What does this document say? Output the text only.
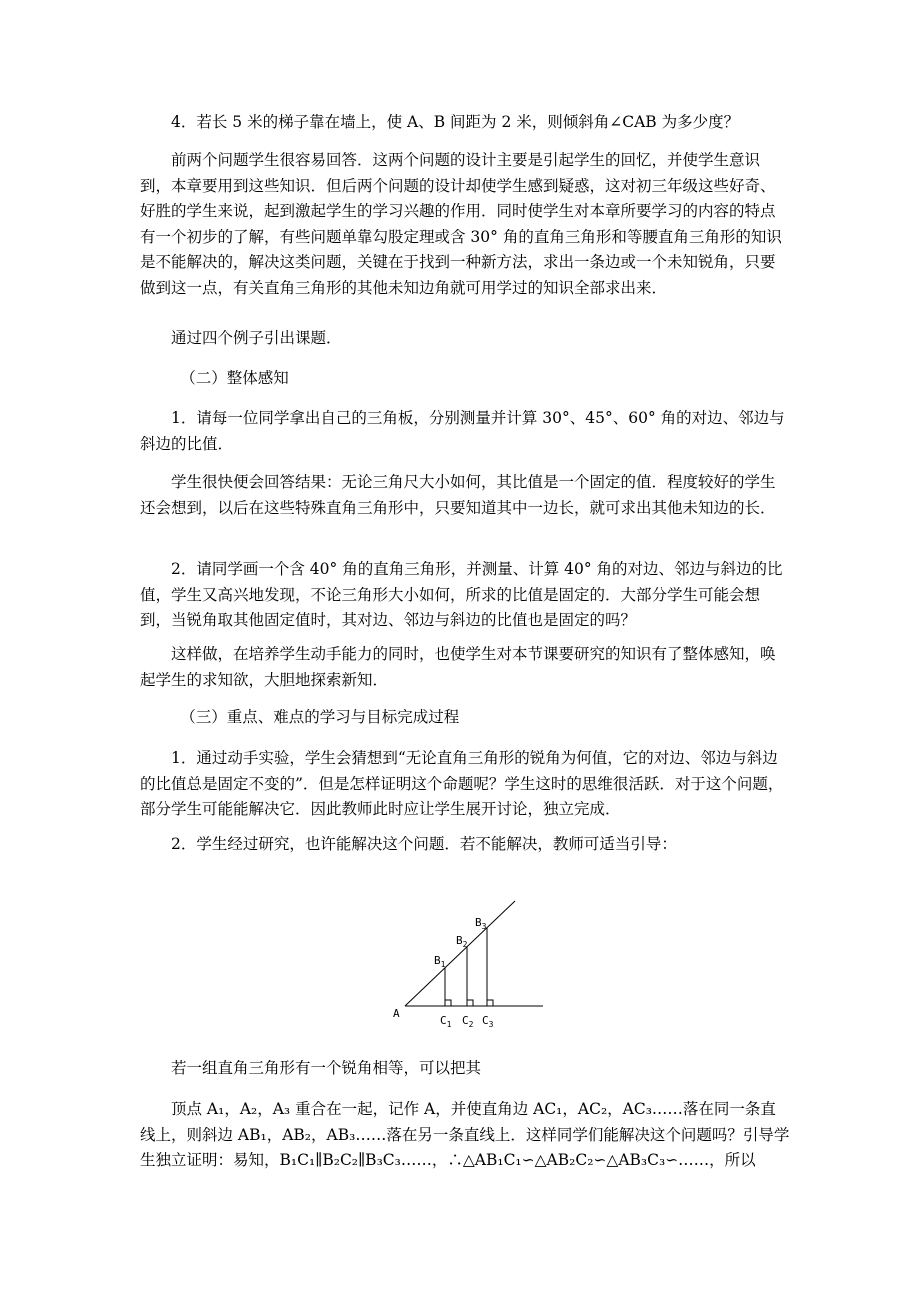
4．若长 5 米的梯子靠在墙上，使 A、B 间距为 2 米，则倾斜角∠CAB 为多少度？

前两个问题学生很容易回答．这两个问题的设计主要是引起学生的回忆，并使学生意识到，本章要用到这些知识．但后两个问题的设计却使学生感到疑惑，这对初三年级这些好奇、好胜的学生来说，起到激起学生的学习兴趣的作用．同时使学生对本章所要学习的内容的特点有一个初步的了解，有些问题单靠勾股定理或含 30° 角的直角三角形和等腰直角三角形的知识是不能解决的，解决这类问题，关键在于找到一种新方法，求出一条边或一个未知锐角，只要做到这一点，有关直角三角形的其他未知边角就可用学过的知识全部求出来．

通过四个例子引出课题．

（二）整体感知

1．请每一位同学拿出自己的三角板，分别测量并计算 30°、45°、60° 角的对边、邻边与斜边的比值．

学生很快便会回答结果：无论三角尺大小如何，其比值是一个固定的值．程度较好的学生还会想到，以后在这些特殊直角三角形中，只要知道其中一边长，就可求出其他未知边的长．

2．请同学画一个含 40° 角的直角三角形，并测量、计算 40° 角的对边、邻边与斜边的比值，学生又高兴地发现，不论三角形大小如何，所求的比值是固定的．大部分学生可能会想到，当锐角取其他固定值时，其对边、邻边与斜边的比值也是固定的吗？

这样做，在培养学生动手能力的同时，也使学生对本节课要研究的知识有了整体感知，唤起学生的求知欲，大胆地探索新知．

（三）重点、难点的学习与目标完成过程

1．通过动手实验，学生会猜想到“无论直角三角形的锐角为何值，它的对边、邻边与斜边的比值总是固定不变的”．但是怎样证明这个命题呢？学生这时的思维很活跃．对于这个问题，部分学生可能能解决它．因此教师此时应让学生展开讨论，独立完成．

2．学生经过研究，也许能解决这个问题．若不能解决，教师可适当引导：

A
$B_1$
$B_2$
$B_3$
$C_1$ $C_2$ $C_3$

若一组直角三角形有一个锐角相等，可以把其

顶点 A₁，A₂，A₃ 重合在一起，记作 A，并使直角边 AC₁，AC₂，AC₃……落在同一条直线上，则斜边 AB₁，AB₂，AB₃……落在另一条直线上．这样同学们能解决这个问题吗？引导学生独立证明：易知，B₁C₁∥B₂C₂∥B₃C₃……，∴△AB₁C₁∽△AB₂C₂∽△AB₃C₃∽……，所以
